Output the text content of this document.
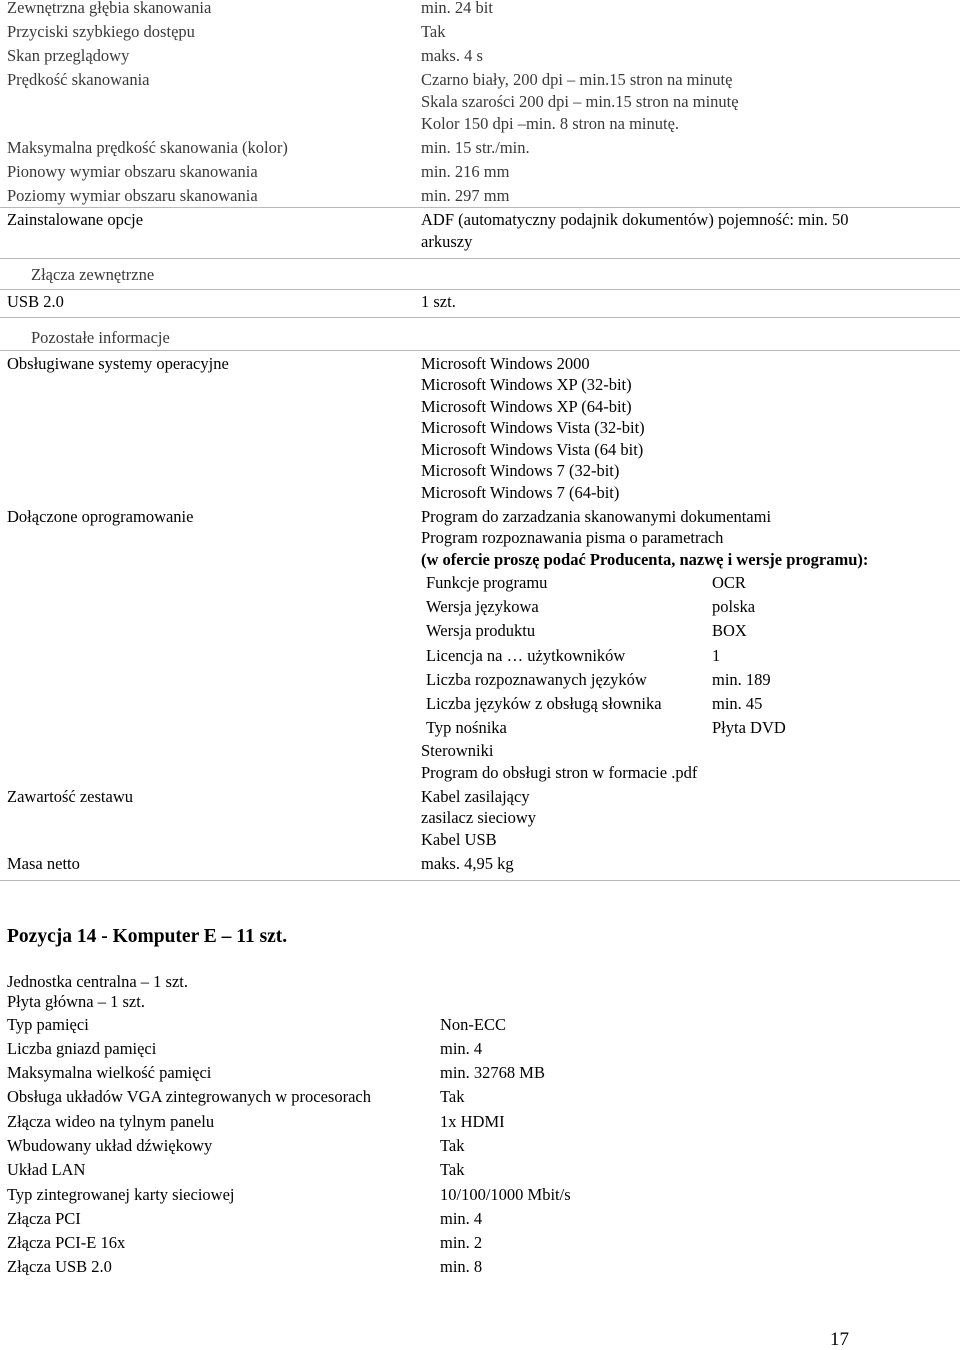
Zewnętrzna głębia skanowania	min. 24 bit
Przyciski szybkiego dostępu	Tak
Skan przeglądowy	maks. 4 s
Prędkość skanowania	Czarno biały, 200 dpi – min.15 stron na minutę
Skala szarości 200 dpi – min.15 stron na minutę
Kolor 150 dpi –min. 8 stron na minutę.
Maksymalna prędkość skanowania (kolor)	min. 15 str./min.
Pionowy wymiar obszaru skanowania	min. 216 mm
Poziomy wymiar obszaru skanowania	min. 297 mm
Zainstalowane opcje	ADF (automatyczny podajnik dokumentów) pojemność: min. 50
arkuszy
Złącza zewnętrzne
USB 2.0	1 szt.
Pozostałe informacje
Obsługiwane systemy operacyjne	Microsoft Windows 2000
Microsoft Windows XP (32-bit)
Microsoft Windows XP (64-bit)
Microsoft Windows Vista (32-bit)
Microsoft Windows Vista (64 bit)
Microsoft Windows 7 (32-bit)
Microsoft Windows 7 (64-bit)
Dołączone oprogramowanie	Program do zarzadzania skanowanymi dokumentami
Program rozpoznawania pisma o parametrach
(w ofercie proszę podać Producenta, nazwę i wersje programu):
Funkcje programu	OCR
Wersja językowa	polska
Wersja produktu	BOX
Licencja na … użytkowników	1
Liczba rozpoznawanych języków	min. 189
Liczba języków z obsługą słownika	min. 45
Typ nośnika	Płyta DVD
Sterowniki
Program do obsługi stron w formacie .pdf
Zawartość zestawu	Kabel zasilający
zasilacz sieciowy
Kabel USB
Masa netto	maks. 4,95 kg
Pozycja 14 - Komputer E – 11 szt.
Jednostka centralna – 1 szt.
Płyta główna – 1 szt.
Typ pamięci	Non-ECC
Liczba gniazd pamięci	min. 4
Maksymalna wielkość pamięci	min. 32768 MB
Obsługa układów VGA zintegrowanych w procesorach	Tak
Złącza wideo na tylnym panelu	1x HDMI
Wbudowany układ dźwiękowy	Tak
Układ LAN	Tak
Typ zintegrowanej karty sieciowej	10/100/1000 Mbit/s
Złącza PCI	min. 4
Złącza PCI-E 16x	min. 2
Złącza USB 2.0	min. 8
17
